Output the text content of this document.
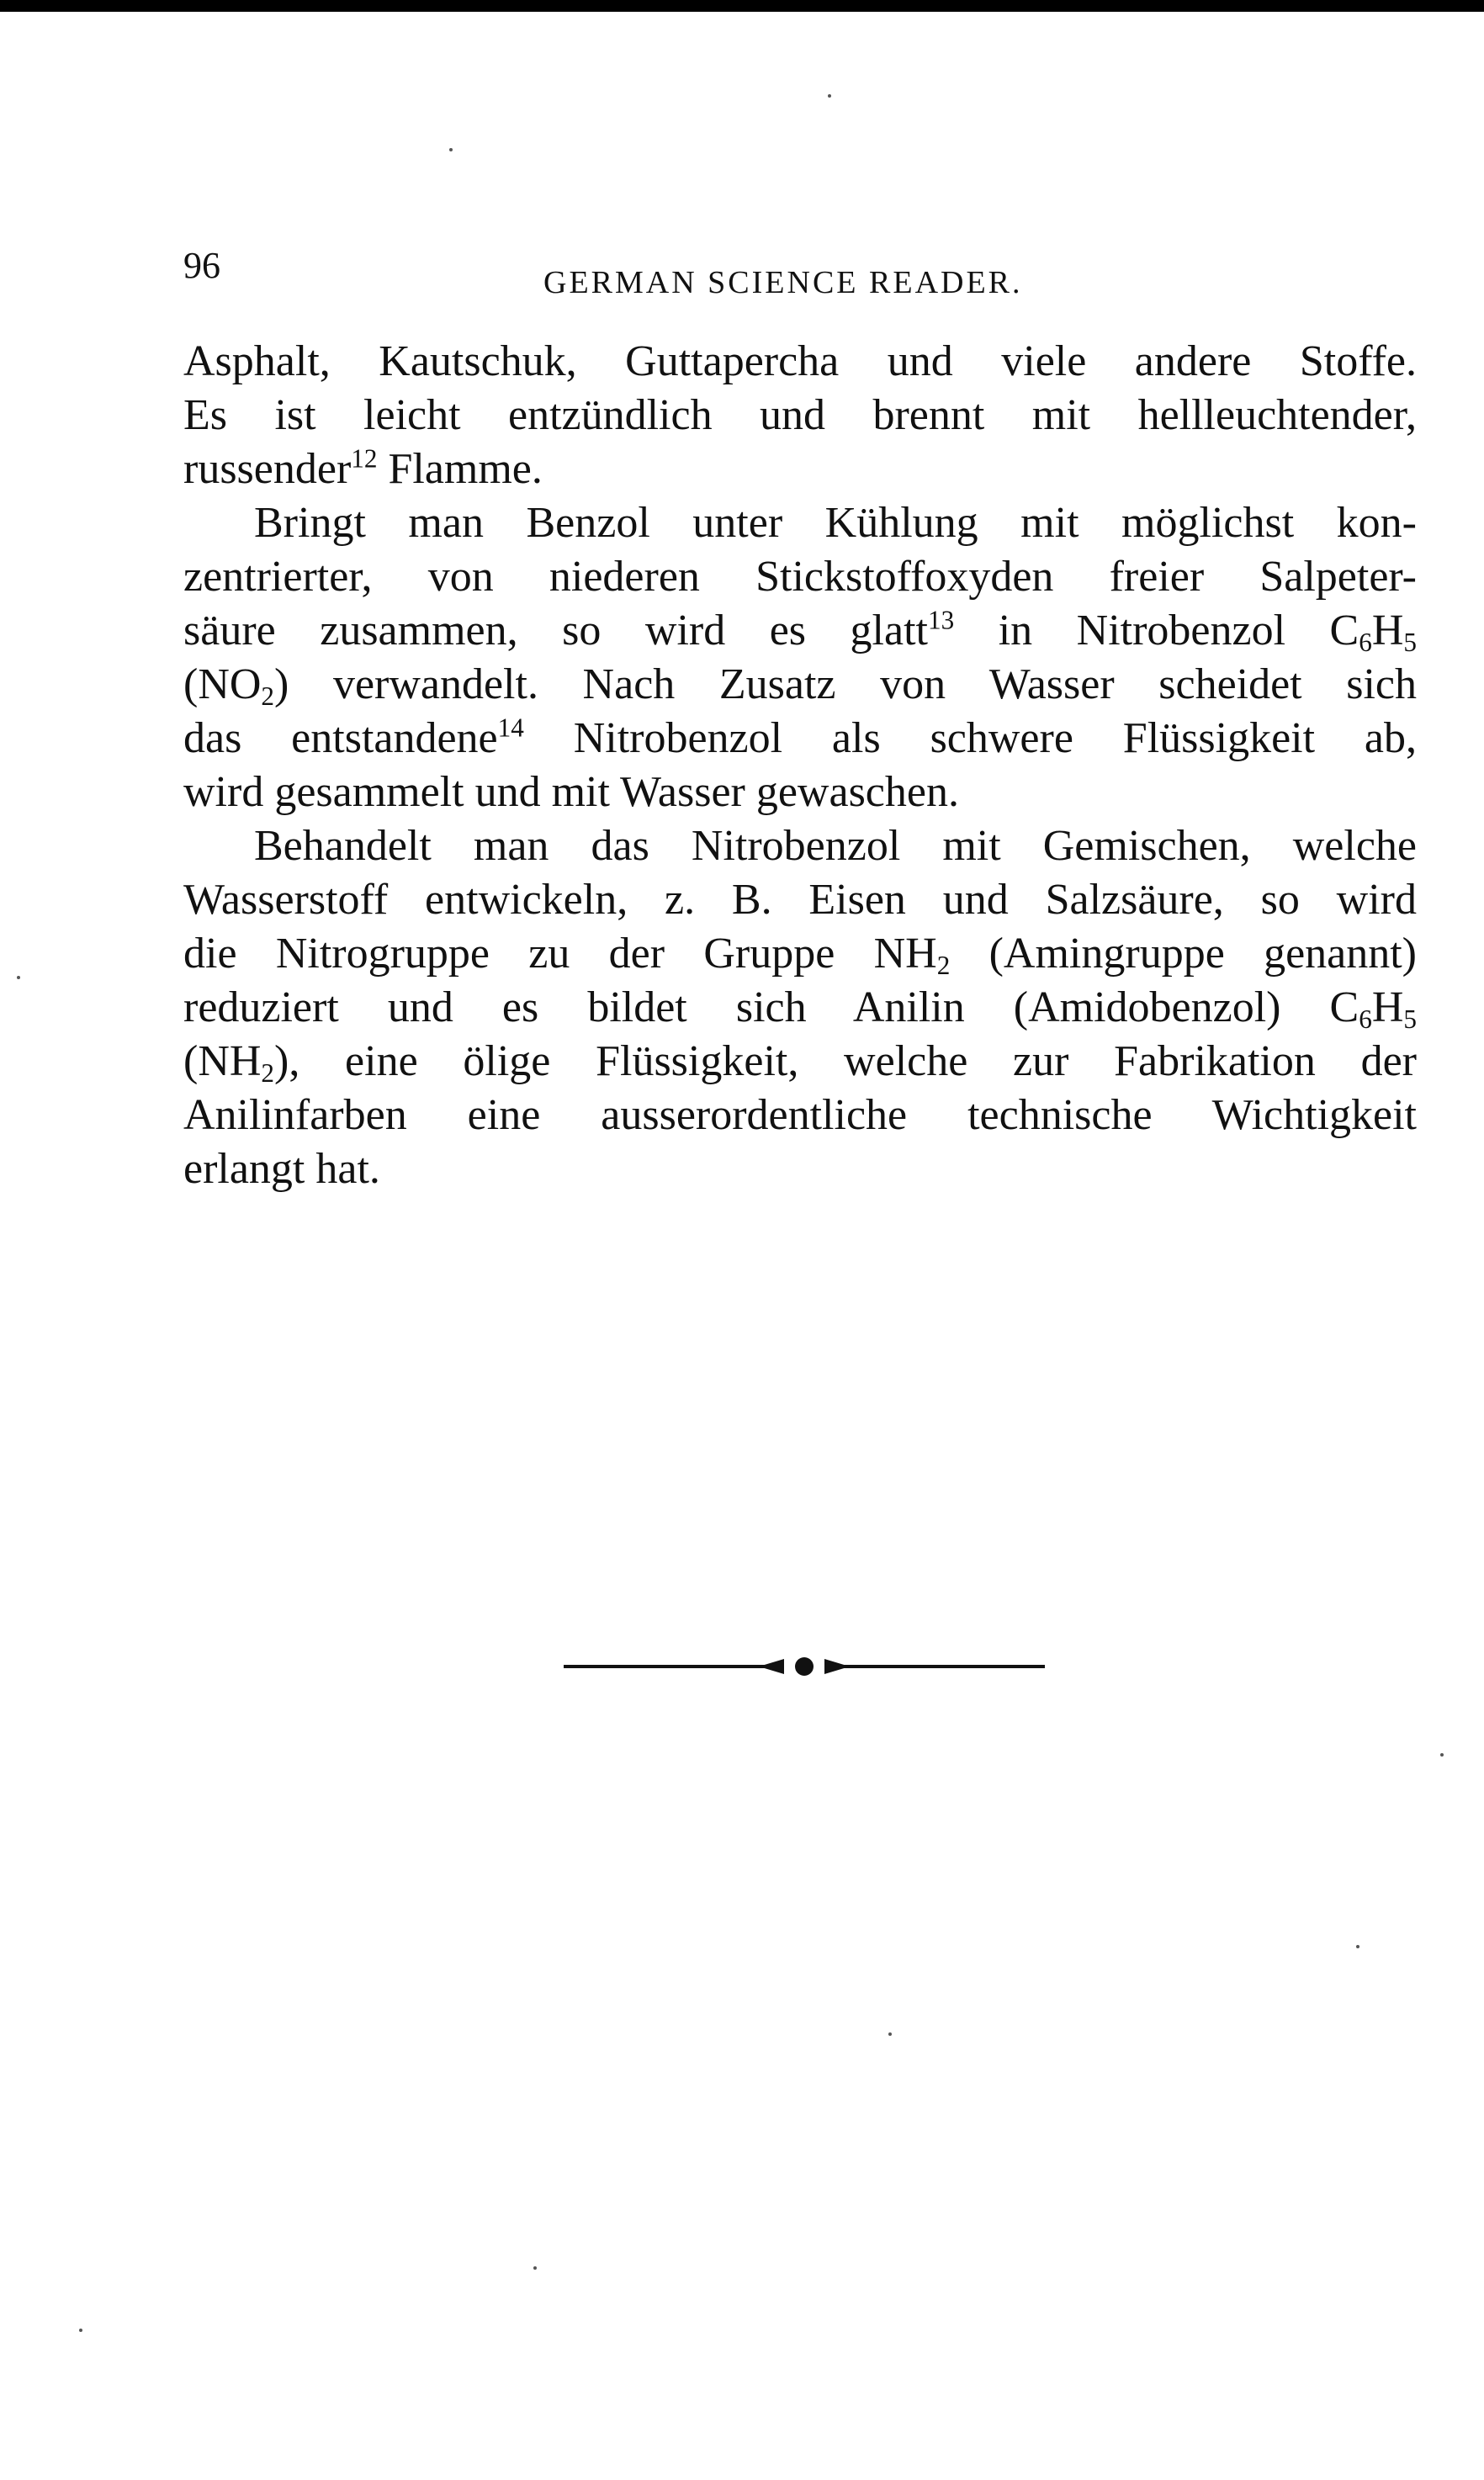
96	GERMAN SCIENCE READER.
Asphalt, Kautschuk, Guttapercha und viele andere Stoffe.
Es ist leicht entzündlich und brennt mit hellleuchtender,
russender$^{12}$ Flamme.
Bringt man Benzol unter Kühlung mit möglichst kon-
zentrierter, von niederen Stickstoffoxyden freier Salpeter-
säure zusammen, so wird es glatt$^{13}$ in Nitrobenzol $C_6H_5$
$(NO_2)$ verwandelt. Nach Zusatz von Wasser scheidet sich
das entstandene$^{14}$ Nitrobenzol als schwere Flüssigkeit ab,
wird gesammelt und mit Wasser gewaschen.
Behandelt man das Nitrobenzol mit Gemischen, welche
Wasserstoff entwickeln, z. B. Eisen und Salzsäure, so wird
die Nitrogruppe zu der Gruppe $NH_2$ (Amingruppe genannt)
reduziert und es bildet sich Anilin (Amidobenzol) $C_6H_5$
$(NH_2)$, eine ölige Flüssigkeit, welche zur Fabrikation der
Anilinfarben eine ausserordentliche technische Wichtigkeit
erlangt hat.
